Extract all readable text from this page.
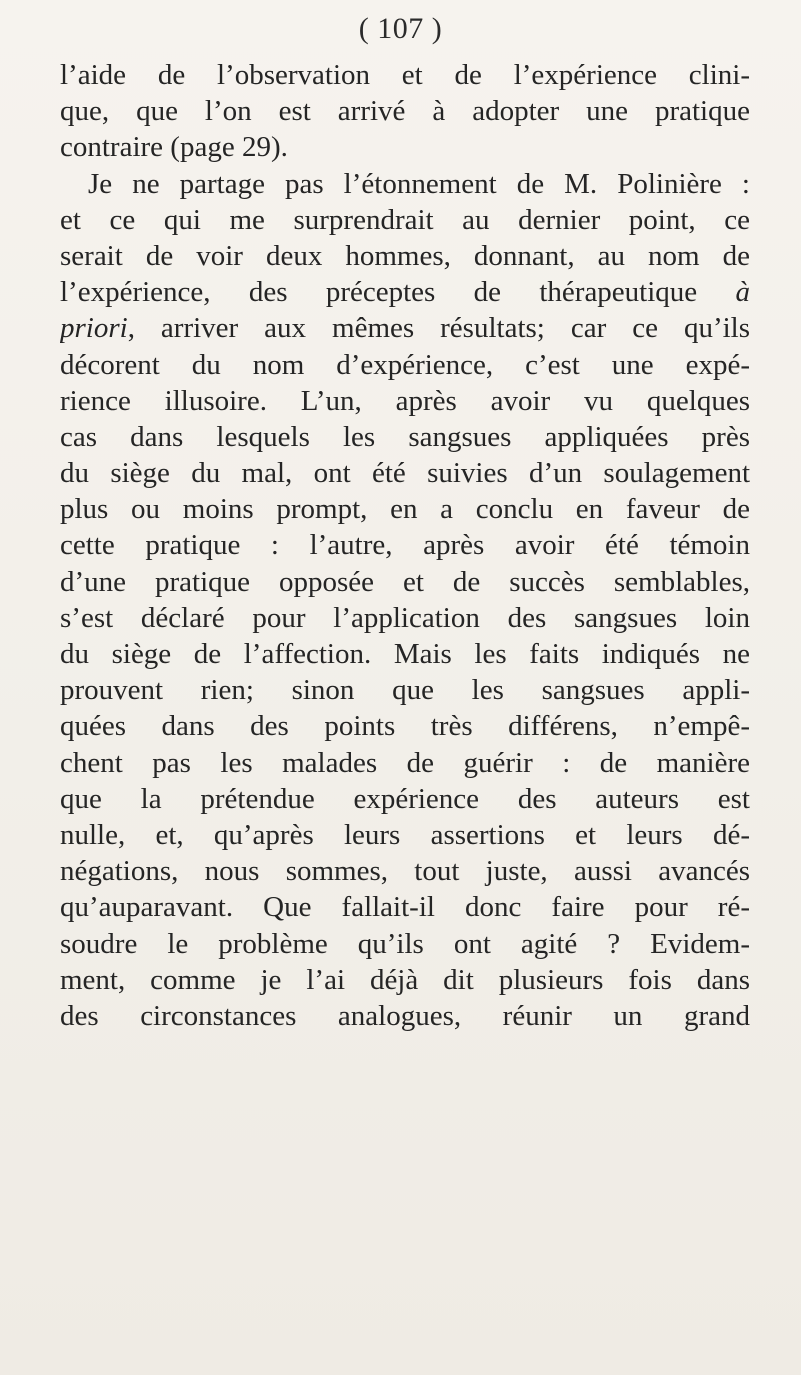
( 107 )
l’aide de l’observation et de l’expérience clini-
que, que l’on est arrivé à adopter une pratique
contraire (page 29).
Je ne partage pas l’étonnement de M. Polinière :
et ce qui me surprendrait au dernier point, ce
serait de voir deux hommes, donnant, au nom de
l’expérience, des préceptes de thérapeutique à
priori, arriver aux mêmes résultats; car ce qu’ils
décorent du nom d’expérience, c’est une expé-
rience illusoire. L’un, après avoir vu quelques
cas dans lesquels les sangsues appliquées près
du siège du mal, ont été suivies d’un soulagement
plus ou moins prompt, en a conclu en faveur de
cette pratique : l’autre, après avoir été témoin
d’une pratique opposée et de succès semblables,
s’est déclaré pour l’application des sangsues loin
du siège de l’affection. Mais les faits indiqués ne
prouvent rien; sinon que les sangsues appli-
quées dans des points très différens, n’empê-
chent pas les malades de guérir : de manière
que la prétendue expérience des auteurs est
nulle, et, qu’après leurs assertions et leurs dé-
négations, nous sommes, tout juste, aussi avancés
qu’auparavant. Que fallait-il donc faire pour ré-
soudre le problème qu’ils ont agité ? Evidem-
ment, comme je l’ai déjà dit plusieurs fois dans
des circonstances analogues, réunir un grand
